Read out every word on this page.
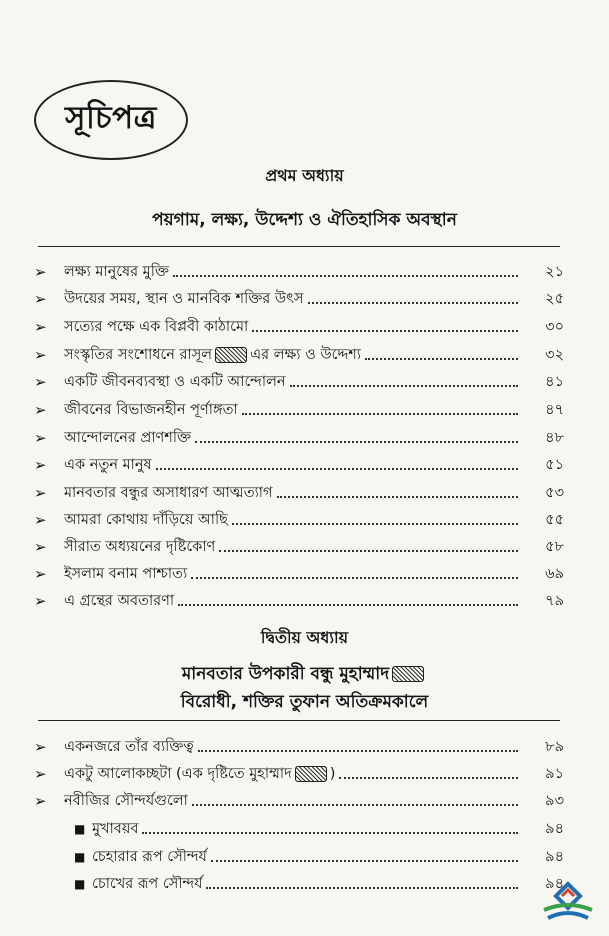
সূচিপত্র
প্রথম অধ্যায়
পয়গাম, লক্ষ্য, উদ্দেশ্য ও ঐতিহাসিক অবস্থান
➢	লক্ষ্য মানুষের মুক্তি	২১
➢	উদয়ের সময়, স্থান ও মানবিক শক্তির উৎস	২৫
➢	সত্যের পক্ষে এক বিপ্লবী কাঠামো	৩০
➢	সংস্কৃতির সংশোধনে রাসূল	এর লক্ষ্য ও উদ্দেশ্য	৩২
➢	একটি জীবনব্যবস্থা ও একটি আন্দোলন	৪১
➢	জীবনের বিভাজনহীন পূর্ণাঙ্গতা	৪৭
➢	আন্দোলনের প্রাণশক্তি	৪৮
➢	এক নতুন মানুষ	৫১
➢	মানবতার বন্ধুর অসাধারণ আত্মত্যাগ	৫৩
➢	আমরা কোথায় দাঁড়িয়ে আছি	৫৫
➢	সীরাত অধ্যয়নের দৃষ্টিকোণ	৫৮
➢	ইসলাম বনাম পাশ্চাত্য	৬৯
➢	এ গ্রন্থের অবতারণা	৭৯
দ্বিতীয় অধ্যায়
মানবতার উপকারী বন্ধু মুহাম্মাদ
বিরোধী, শক্তির তুফান অতিক্রমকালে
➢	একনজরে তাঁর ব্যক্তিত্ব	৮৯
➢	একটু আলোকচ্ছটা (এক দৃষ্টিতে মুহাম্মাদ	)	৯১
➢	নবীজির সৌন্দর্যগুলো	৯৩
■ মুখাবয়ব	৯৪
■ চেহারার রূপ সৌন্দর্য	৯৪
■ চোখের রূপ সৌন্দর্য	৯৪
